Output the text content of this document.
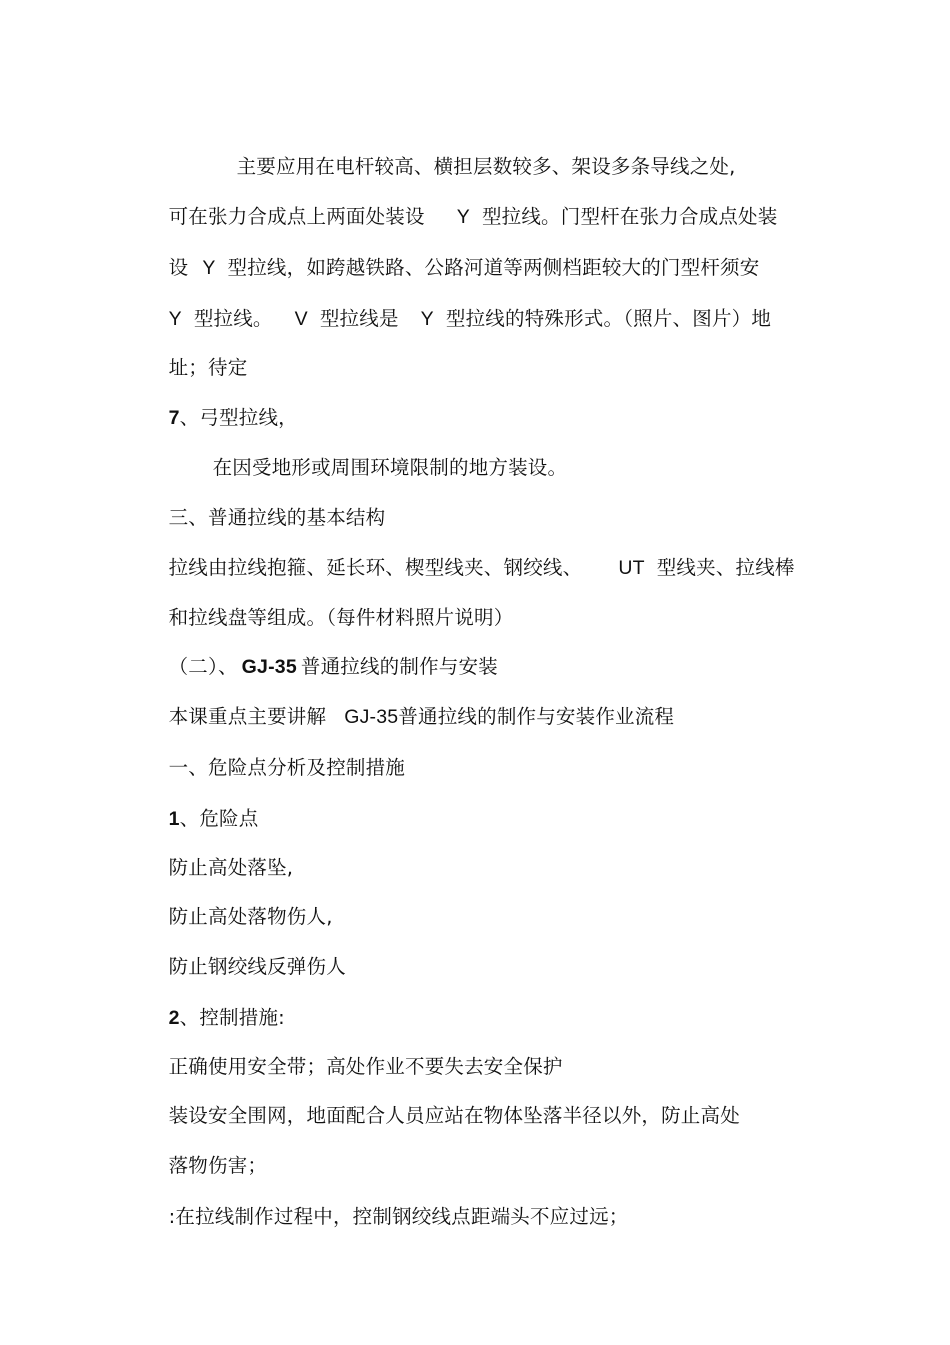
主要应用在电杆较高、横担层数较多、架设多条导线之处,

可在张力合成点上两面处装设 Y 型拉线。门型杆在张力合成点处装

设 Y 型拉线，如跨越铁路、公路河道等两侧档距较大的门型杆须安

Y 型拉线。 V 型拉线是 Y 型拉线的特殊形式。（照片、图片）地

址；待定

7、弓型拉线，

在因受地形或周围环境限制的地方装设。

三、普通拉线的基本结构

拉线由拉线抱箍、延长环、楔型线夹、钢绞线、 UT 型线夹、拉线棒

和拉线盘等组成。（每件材料照片说明）

（二）、 GJ-35 普通拉线的制作与安装

本课重点主要讲解 GJ-35普通拉线的制作与安装作业流程

一、危险点分析及控制措施

1、危险点

防止高处落坠,

防止高处落物伤人,

防止钢绞线反弹伤人

2、控制措施:

正确使用安全带；高处作业不要失去安全保护

装设安全围网，地面配合人员应站在物体坠落半径以外，防止高处

落物伤害；

:在拉线制作过程中，控制钢绞线点距端头不应过远；
